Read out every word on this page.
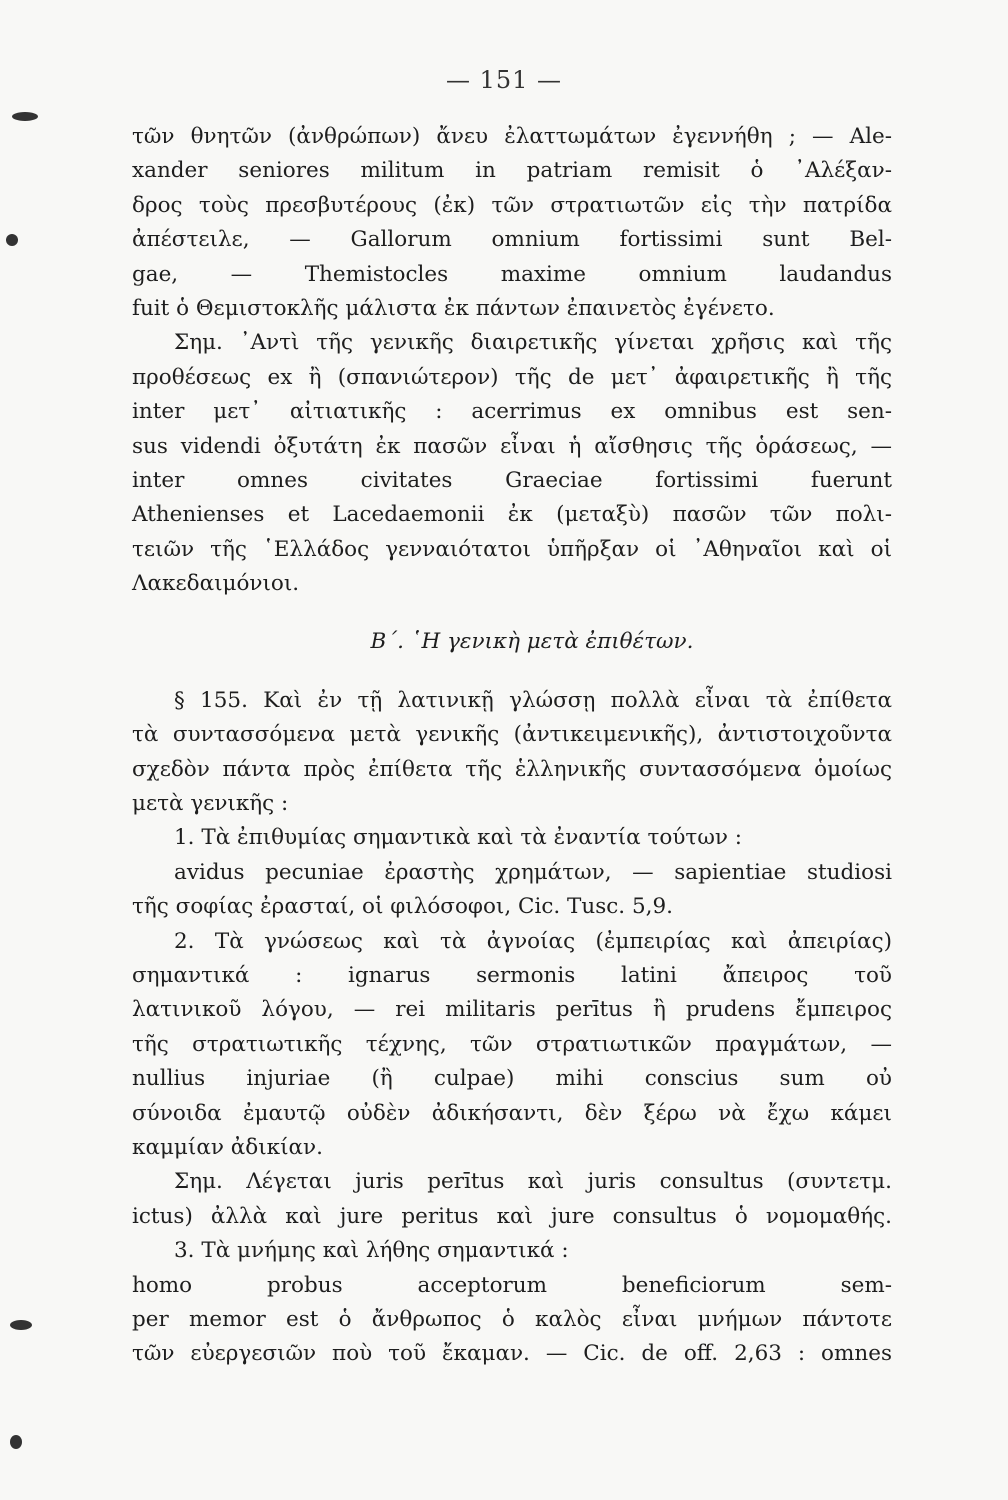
— 151 —
τῶν θνητῶν (ἀνθρώπων) ἄνευ ἐλαττωμάτων ἐγεννήθη ; — Ale-
xander seniores militum in patriam remisit ὁ ᾿Αλέξαν-
δρος τοὺς πρεσβυτέρους (ἐκ) τῶν στρατιωτῶν εἰς τὴν πατρίδα
ἀπέστειλε, — Gallorum omnium fortissimi sunt Bel-
gae, — Themistocles maxime omnium laudandus
fuit ὁ Θεμιστοκλῆς μάλιστα ἐκ πάντων ἐπαινετὸς ἐγένετο.
Σημ. ᾿Αντὶ τῆς γενικῆς διαιρετικῆς γίνεται χρῆσις καὶ τῆς
προθέσεως ex ἢ (σπανιώτερον) τῆς de μετ᾿ ἀφαιρετικῆς ἢ τῆς
inter μετ᾿ αἰτιατικῆς : acerrimus ex omnibus est sen-
sus videndi ὀξυτάτη ἐκ πασῶν εἶναι ἡ αἴσθησις τῆς ὁράσεως, —
inter omnes civitates Graeciae fortissimi fuerunt
Athenienses et Lacedaemonii ἐκ (μεταξὺ) πασῶν τῶν πολι-
τειῶν τῆς ῾Ελλάδος γενναιότατοι ὑπῆρξαν οἱ ᾿Αθηναῖοι καὶ οἱ
Λακεδαιμόνιοι.
Β΄. ῾Η γενικὴ μετὰ ἐπιθέτων.
§ 155. Καὶ ἐν τῇ λατινικῇ γλώσσῃ πολλὰ εἶναι τὰ ἐπίθετα
τὰ συντασσόμενα μετὰ γενικῆς (ἀντικειμενικῆς), ἀντιστοιχοῦντα
σχεδὸν πάντα πρὸς ἐπίθετα τῆς ἑλληνικῆς συντασσόμενα ὁμοίως
μετὰ γενικῆς :
1. Τὰ ἐπιθυμίας σημαντικὰ καὶ τὰ ἐναντία τούτων :
avidus pecuniae ἐραστὴς χρημάτων, — sapientiae studiosi
τῆς σοφίας ἐρασταί, οἱ φιλόσοφοι, Cic. Tusc. 5,9.
2. Τὰ γνώσεως καὶ τὰ ἀγνοίας (ἐμπειρίας καὶ ἀπειρίας)
σημαντικά : ignarus sermonis latini ἄπειρος τοῦ
λατινικοῦ λόγου, — rei militaris perītus ἢ prudens ἔμπειρος
τῆς στρατιωτικῆς τέχνης, τῶν στρατιωτικῶν πραγμάτων, —
nullius injuriae (ἢ culpae) mihi conscius sum οὐ
σύνοιδα ἐμαυτῷ οὐδὲν ἀδικήσαντι, δὲν ξέρω νὰ ἔχω κάμει
καμμίαν ἀδικίαν.
Σημ. Λέγεται juris perītus καὶ juris consultus (συντετμ.
ictus) ἀλλὰ καὶ jure peritus καὶ jure consultus ὁ νομομαθής.
3. Τὰ μνήμης καὶ λήθης σημαντικά :
homo probus acceptorum beneficiorum sem-
per memor est ὁ ἄνθρωπος ὁ καλὸς εἶναι μνήμων πάντοτε
τῶν εὐεργεσιῶν ποὺ τοῦ ἔκαμαν. — Cic. de off. 2,63 : omnes
